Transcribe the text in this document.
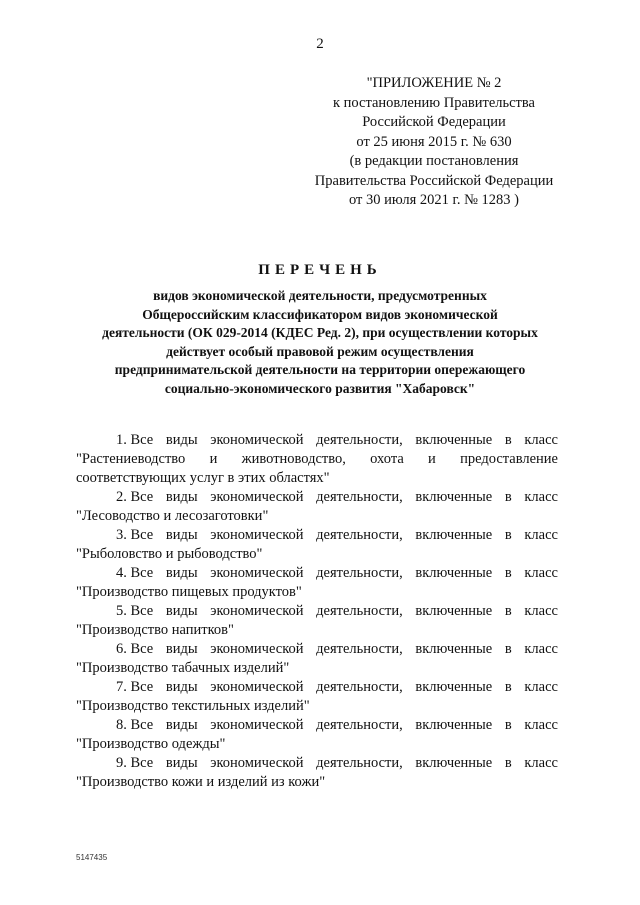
2
"ПРИЛОЖЕНИЕ № 2
к постановлению Правительства
Российской Федерации
от 25 июня 2015 г. № 630
(в редакции постановления
Правительства Российской Федерации
от 30 июля 2021 г. № 1283 )
ПЕРЕЧЕНЬ
видов экономической деятельности, предусмотренных
Общероссийским классификатором видов экономической
деятельности (ОК 029-2014 (КДЕС Ред. 2), при осуществлении которых
действует особый правовой режим осуществления
предпринимательской деятельности на территории опережающего
социально-экономического развития "Хабаровск"
1. Все виды экономической деятельности, включенные в класс
"Растениеводство и животноводство, охота и предоставление
соответствующих услуг в этих областях"
2. Все виды экономической деятельности, включенные в класс
"Лесоводство и лесозаготовки"
3. Все виды экономической деятельности, включенные в класс
"Рыболовство и рыбоводство"
4. Все виды экономической деятельности, включенные в класс
"Производство пищевых продуктов"
5. Все виды экономической деятельности, включенные в класс
"Производство напитков"
6. Все виды экономической деятельности, включенные в класс
"Производство табачных изделий"
7. Все виды экономической деятельности, включенные в класс
"Производство текстильных изделий"
8. Все виды экономической деятельности, включенные в класс
"Производство одежды"
9. Все виды экономической деятельности, включенные в класс
"Производство кожи и изделий из кожи"
5147435
